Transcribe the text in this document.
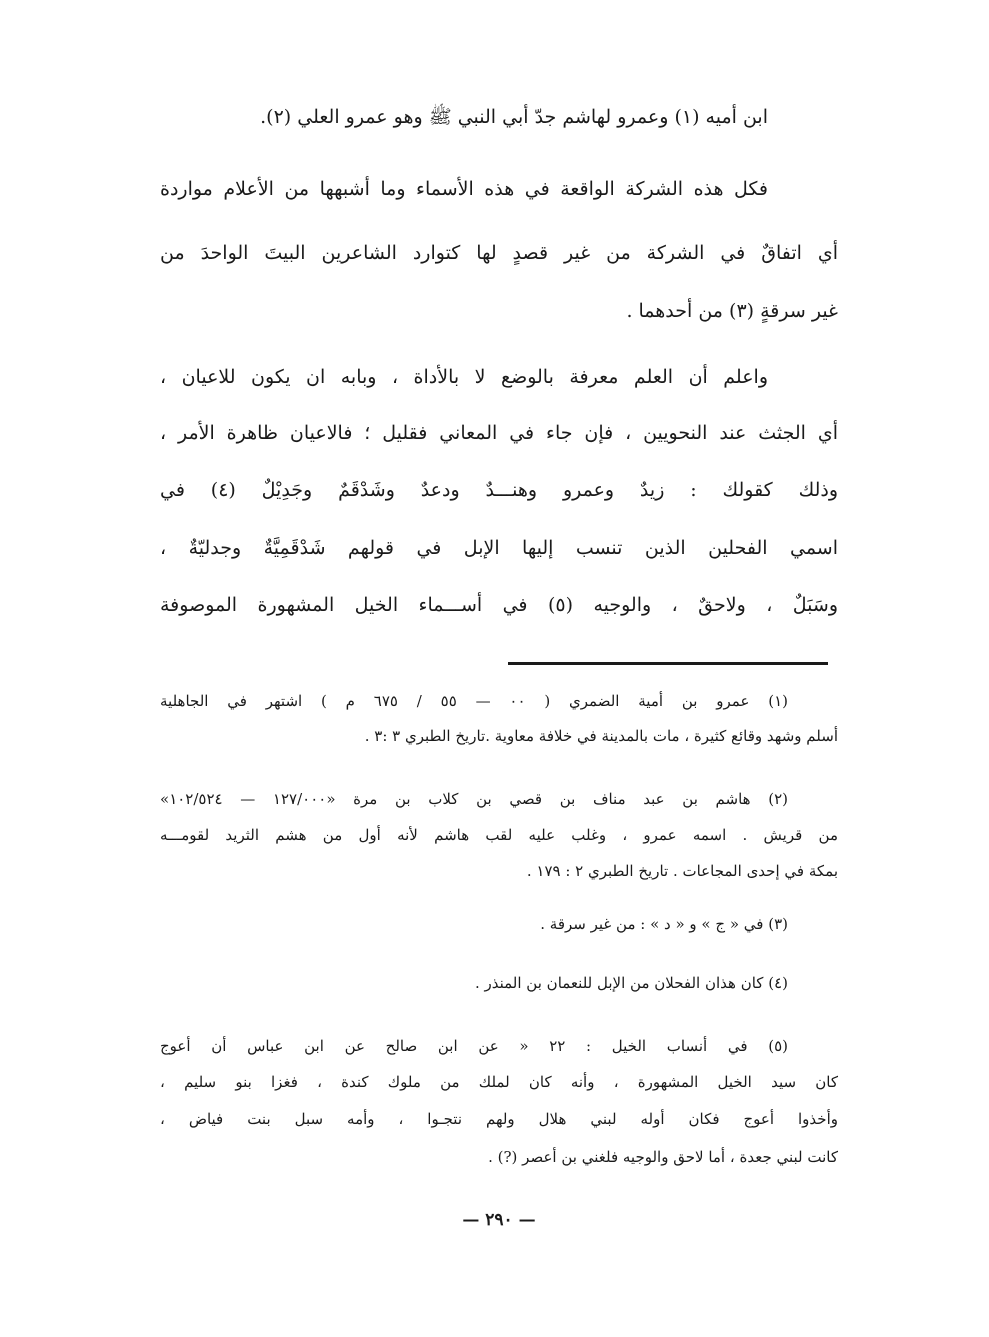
ابن أميه (١) وعمرو لهاشم جدّ أبي النبي ﷺ وهو عمرو العلي (٢).
فكل هذه الشركة الواقعة في هذه الأسماء وما أشبهها من الأعلام مواردة
أي اتفاقٌ في الشركة من غير قصدٍ لها كتوارد الشاعرين البيتَ الواحدَ من
غير سرقةٍ (٣) من أحدهما .
واعلم أن العلم معرفة بالوضع لا بالأداة ، وبابه ان يكون للاعيان ،
أي الجثث عند النحويين ، فإن جاء في المعاني فقليل ؛ فالاعيان ظاهرة الأمر ،
وذلك كقولك : زيدٌ وعمرو وهنـــدٌ ودعدٌ وشَدْقَمٌ وجَدِيْلٌ (٤) في
اسمي الفحلين الذين تنسب إليها الإبل في قولهم شَدْقَمِيَّةٌ وجدليّةٌ ،
وسَبَلٌ ، ولاحقٌ ، والوجيه (٥) في أســـماء الخيل المشهورة الموصوفة
(١) عمرو بن أمية الضمري ( ٠٠ — ٥٥ / ٦٧٥ م ) اشتهر في الجاهلية
أسلم وشهد وقائع كثيرة ، مات بالمدينة في خلافة معاوية .تاريخ الطبري ٣ :٣ .
(٢) هاشم بن عبد مناف بن قصي بن كلاب بن مرة «١٢٧/٠٠٠ — ١٠٢/٥٢٤»
من قريش . اسمه عمرو ، وغلب عليه لقب هاشم لأنه أول من هشم الثريد لقومـــه
بمكة في إحدى المجاعات . تاريخ الطبري ٢ : ١٧٩ .
(٣) في « ج » و « د » : من غير سرقة .
(٤) كان هذان الفحلان من الإبل للنعمان بن المنذر .
(٥) في أنساب الخيل : ٢٢ « عن ابن صالح عن ابن عباس أن أعوج
كان سيد الخيل المشهورة ، وأنه كان لملك من ملوك كندة ، فغزا بنو سليم ،
وأخذوا أعوج فكان أوله لبني هلال ولهم نتجـوا ، وأمه سبل بنت فياض ،
كانت لبني جعدة ، أما لاحق والوجيه فلغني بن أعصر (?) .
— ٢٩٠ —
